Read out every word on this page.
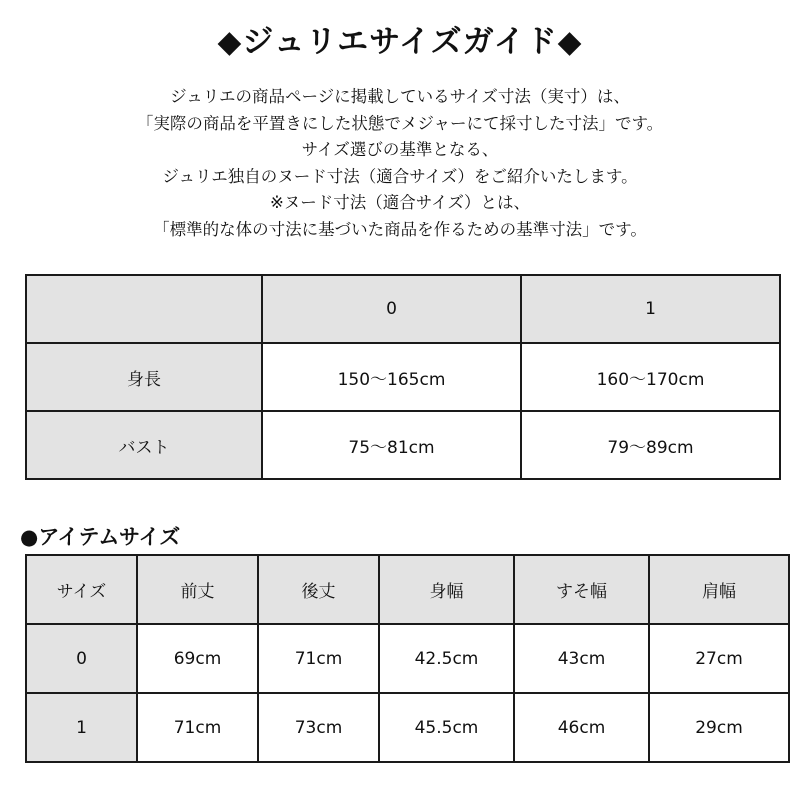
◆ジュリエサイズガイド◆
ジュリエの商品ページに掲載しているサイズ寸法（実寸）は、
「実際の商品を平置きにした状態でメジャーにて採寸した寸法」です。
サイズ選びの基準となる、
ジュリエ独自のヌード寸法（適合サイズ）をご紹介いたします。
※ヌード寸法（適合サイズ）とは、
「標準的な体の寸法に基づいた商品を作るための基準寸法」です。
	0	1
身長	150〜165cm	160〜170cm
バスト	75〜81cm	79〜89cm
●アイテムサイズ
サイズ	前丈	後丈	身幅	すそ幅	肩幅
0	69cm	71cm	42.5cm	43cm	27cm
1	71cm	73cm	45.5cm	46cm	29cm
